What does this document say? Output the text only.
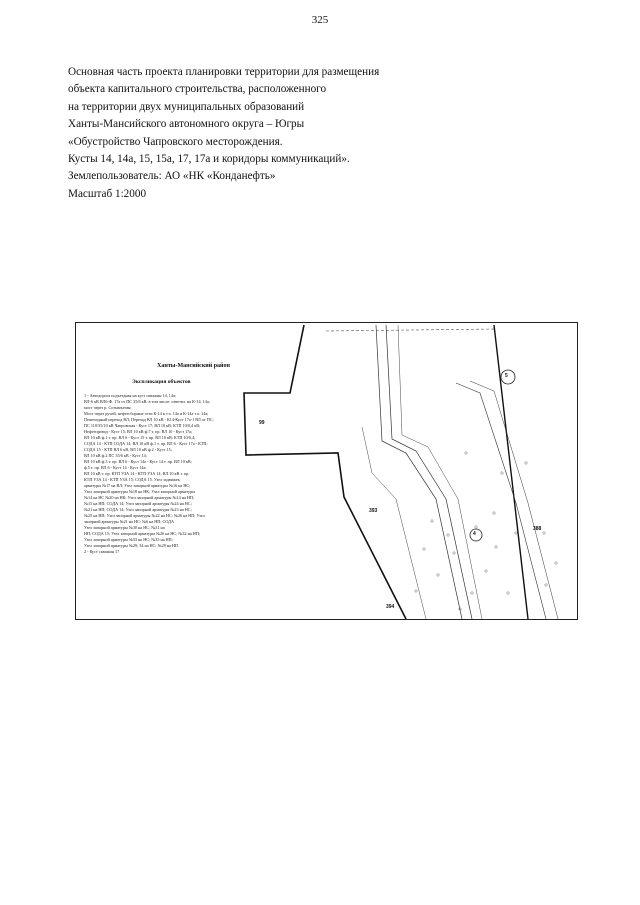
325
Основная часть проекта планировки территории для размещения
объекта капитального строительства, расположенного
на территории двух муниципальных образований
Ханты-Мансийского автономного округа – Югры
«Обустройство Чапровского месторождения.
Кусты 14, 14а, 15, 15а, 17, 17а и коридоры коммуникаций».
Землепользователь: АО «НК «Конданефть»
Масштаб 1:2000
Ханты-Мансийский район
Экспликация объектов
1 - Автодорога подъездная на куст скважин 14, 14а;
ВЛ-6 кВ ВЛ6-Ф. 17а от ПС 35/6 кВ, в том числе: ответвл. на К-14, 14а;
мост через р. Сотымъеган;
Мост через ручей; нефтесборные сети К-14 в т.ч. 14а и К-14а т.ч. 14а;
Пешеходный переход ВЛ; Переход ВЛ 10 кВ - К14-Куст 17а-1 ВЛ от ПС;
ПС 110/35/10 кВ Чапровская - Куст 17; ВЛ 10 кВ; КТП 10/0,4 кВ;
Нефтепровод - Куст 15; ВЛ 10 кВ ф.7 т. пр. ВЛ 10 - Куст 17а;
ВЛ 10 кВ ф.1 т. пр. ВЛ 6 - Куст 15 т. пр. ВЛ 10 кВ; КТП 10/0,4;
СОДА 14 - КТП СОДА 14; ВЛ 10 кВ ф.1 т. пр. ВЛ 6 - Куст 17а - КТП;
СОДА 15 - КТП ВЛ 6 кВ, ВЛ 10 кВ ф.2 - Куст 15;
ВЛ 10 кВ ф.2 ПС 35/6 кВ - Куст 14;
ВЛ 10 кВ ф.3 т. пр. ВЛ 6 - Куст 14а - Куст 14 т. пр. ВЛ 10 кВ;
ф.5 т. пр. ВЛ 6 - Куст 14 - Куст 14а;
ВЛ 10 кВ т. пр. КТП УЗА 14 - КТП УЗА 14; ВЛ 10 кВ т. пр.
КТП УЗА 14 - КТП УЗА 15; СОДА 15. Узел задвижек
арматуры №17 на ВЛ; Узел запорной арматуры №16 на НС;
Узел запорной арматуры №18 на НК; Узел запорной арматуры
№14 на НС №20 на НК; Узел запорной арматуры №14 на НП;
№15 на НП; СОДА 14; Узел запорной арматуры №24 на НС;
№21 на НП; СОДА 14; Узел запорной арматуры №23 на НС;
№25 на НП; Узел запорной арматуры №22 на НС; №26 на НП; Узел
запорной арматуры №21 на НС; №6 на НП; СОДА
Узел запорной арматуры №30 на НС; №31 на
НП; СОДА 15; Узел запорной арматуры №26 на НС; №32 на НП;
Узел запорной арматуры №33 на НС; №35 на НП;
Узел запорной арматуры №29; 34 на НС; №29 на НП
2 - Куст скважин 17
5
4
99
393
388
394
